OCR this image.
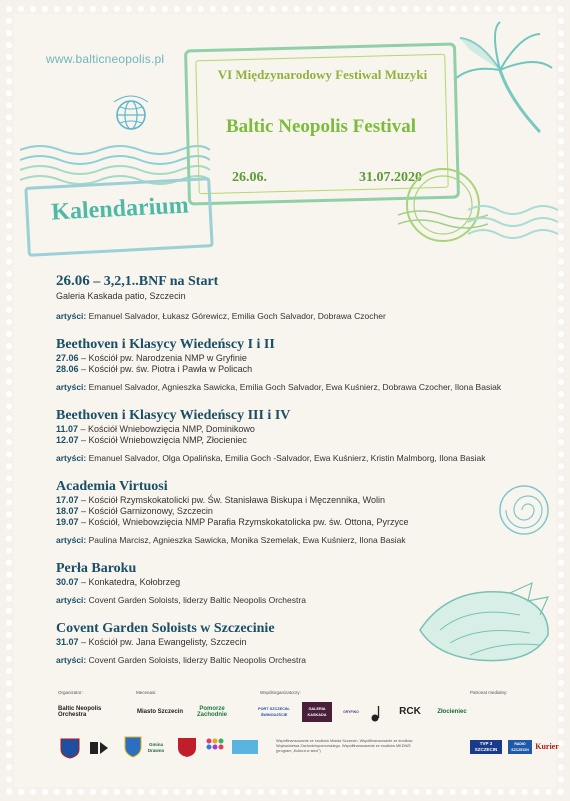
www.balticneopolis.pl
VI Międzynarodowy Festiwal Muzyki
Baltic Neopolis Festival
26.06.	31.07.2020
Kalendarium
26.06 – 3,2,1..BNF na Start
Galeria Kaskada patio, Szczecin
artyści: Emanuel Salvador, Łukasz Górewicz, Emilia Goch Salvador, Dobrawa Czocher
Beethoven i Klasycy Wiedeńscy I i II
27.06 – Kościół pw. Narodzenia NMP w Gryfinie
28.06 – Kościół pw. św. Piotra i Pawła w Policach
artyści: Emanuel Salvador, Agnieszka Sawicka, Emilia Goch Salvador, Ewa Kuśnierz, Dobrawa Czocher, Ilona Basiak
Beethoven i Klasycy Wiedeńscy III i IV
11.07 – Kościół Wniebowzięcia NMP, Dominikowo
12.07 – Kościół Wniebowzięcia NMP, Złocieniec
artyści: Emanuel Salvador, Olga Opalińska, Emilia Goch -Salvador, Ewa Kuśnierz, Kristin Malmborg, Ilona Basiak
Academia Virtuosi
17.07 – Kościół Rzymskokatolicki pw. Św. Stanisława Biskupa i Męczennika, Wolin
18.07 – Kościół Garnizonowy, Szczecin
19.07 – Kościół, Wniebowzięcia NMP Parafia Rzymskokatolicka pw. św. Ottona, Pyrzyce
artyści: Paulina Marcisz, Agnieszka Sawicka, Monika Szemelak, Ewa Kuśnierz, Ilona Basiak
Perła Baroku
30.07 – Konkatedra, Kołobrzeg
artyści: Covent Garden Soloists, liderzy Baltic Neopolis Orchestra
Covent Garden Soloists w Szczecinie
31.07 – Kościół pw. Jana Ewangelisty, Szczecin
artyści: Covent Garden Soloists, liderzy Baltic Neopolis Orchestra
Organizator:	Mecenasi:	Współorganizatorzy:	Patronat medialny:
Baltic Neopolis Orchestra	Miasto Szczecin	Pomorze Zachodnie
PORT SZCZECIN-ŚWINOUJŚCIE
GALERIA KASKADA
GRYFINO	RCK	Złocieniec
TVP 3 SZCZECIN
RADIO SZCZECIN Kurier
Gmina Drawno
Współfinansowanie ze środków Miasta Szczecin. Współfinansowanie ze środków Województwa Zachodniopomorskiego. Współfinansowanie ze środków MKDNiŚ (program „Kultura w sieci”)
